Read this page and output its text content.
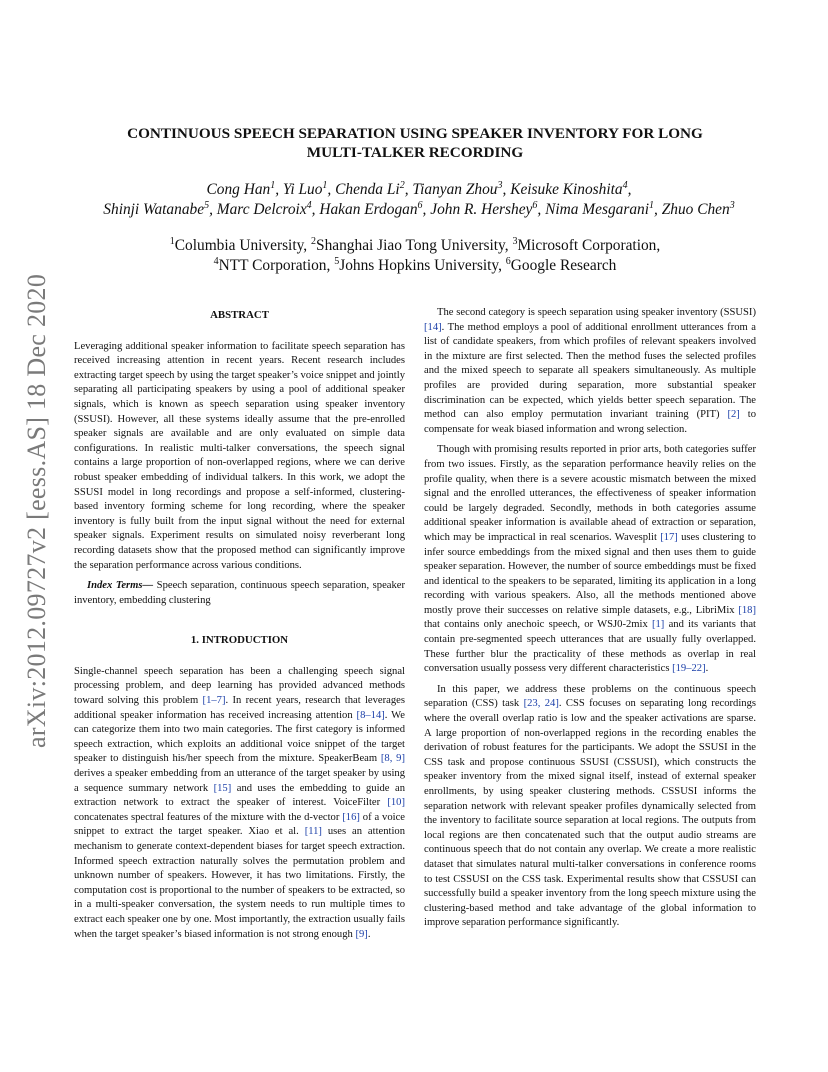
arXiv:2012.09727v2 [eess.AS] 18 Dec 2020
CONTINUOUS SPEECH SEPARATION USING SPEAKER INVENTORY FOR LONG
MULTI-TALKER RECORDING
Cong Han$^1$, Yi Luo$^1$, Chenda Li$^2$, Tianyan Zhou$^3$, Keisuke Kinoshita$^4$,
Shinji Watanabe$^5$, Marc Delcroix$^4$, Hakan Erdogan$^6$, John R. Hershey$^6$, Nima Mesgarani$^1$, Zhuo Chen$^3$
$^1$Columbia University, $^2$Shanghai Jiao Tong University, $^3$Microsoft Corporation,
$^4$NTT Corporation, $^5$Johns Hopkins University, $^6$Google Research
ABSTRACT

Leveraging additional speaker information to facilitate speech separation has received increasing attention in recent years. Recent research includes extracting target speech by using the target speaker’s voice snippet and jointly separating all participating speakers by using a pool of additional speaker signals, which is known as speech separation using speaker inventory (SSUSI). However, all these systems ideally assume that the pre-enrolled speaker signals are available and are only evaluated on simple data configurations. In realistic multi-talker conversations, the speech signal contains a large proportion of non-overlapped regions, where we can derive robust speaker embedding of individual talkers. In this work, we adopt the SSUSI model in long recordings and propose a self-informed, clustering-based inventory forming scheme for long recording, where the speaker inventory is fully built from the input signal without the need for external speaker signals. Experiment results on simulated noisy reverberant long recording datasets show that the proposed method can significantly improve the separation performance across various conditions.

Index Terms— Speech separation, continuous speech separation, speaker inventory, embedding clustering

1. INTRODUCTION

Single-channel speech separation has been a challenging speech signal processing problem, and deep learning has provided advanced methods toward solving this problem [1–7]. In recent years, research that leverages additional speaker information has received increasing attention [8–14]. We can categorize them into two main categories. The first category is informed speech extraction, which exploits an additional voice snippet of the target speaker to distinguish his/her speech from the mixture. SpeakerBeam [8, 9] derives a speaker embedding from an utterance of the target speaker by using a sequence summary network [15] and uses the embedding to guide an extraction network to extract the speaker of interest. VoiceFilter [10] concatenates spectral features of the mixture with the d-vector [16] of a voice snippet to extract the target speaker. Xiao et al. [11] uses an attention mechanism to generate context-dependent biases for target speech extraction. Informed speech extraction naturally solves the permutation problem and unknown number of speakers. However, it has two limitations. Firstly, the computation cost is proportional to the number of speakers to be extracted, so in a multi-speaker conversation, the system needs to run multiple times to extract each speaker one by one. Most importantly, the extraction usually fails when the target speaker’s biased information is not strong enough [9].

The second category is speech separation using speaker inventory (SSUSI) [14]. The method employs a pool of additional enrollment utterances from a list of candidate speakers, from which profiles of relevant speakers involved in the mixture are first selected. Then the method fuses the selected profiles and the mixed speech to separate all speakers simultaneously. As multiple profiles are provided during separation, more substantial speaker discrimination can be expected, which yields better speech separation. The method can also employ permutation invariant training (PIT) [2] to compensate for weak biased information and wrong selection.

Though with promising results reported in prior arts, both categories suffer from two issues. Firstly, as the separation performance heavily relies on the profile quality, when there is a severe acoustic mismatch between the mixed signal and the enrolled utterances, the effectiveness of speaker information could be largely degraded. Secondly, methods in both categories assume additional speaker information is available ahead of extraction or separation, which may be impractical in real scenarios. Wavesplit [17] uses clustering to infer source embeddings from the mixed signal and then uses them to guide speaker separation. However, the number of source embeddings must be fixed and identical to the speakers to be separated, limiting its application in a long recording with various speakers. Also, all the methods mentioned above mostly prove their successes on relative simple datasets, e.g., LibriMix [18] that contains only anechoic speech, or WSJ0-2mix [1] and its variants that contain pre-segmented speech utterances that are usually fully overlapped. These further blur the practicality of these methods as overlap in real conversation usually possess very different characteristics [19–22].

In this paper, we address these problems on the continuous speech separation (CSS) task [23, 24]. CSS focuses on separating long recordings where the overall overlap ratio is low and the speaker activations are sparse. A large proportion of non-overlapped regions in the recording enables the derivation of robust features for the participants. We adopt the SSUSI in the CSS task and propose continuous SSUSI (CSSUSI), which constructs the speaker inventory from the mixed signal itself, instead of external speaker enrollments, by using speaker clustering methods. CSSUSI informs the separation network with relevant speaker profiles dynamically selected from the inventory to facilitate source separation at local regions. The outputs from local regions are then concatenated such that the output audio streams are continuous speech that do not contain any overlap. We create a more realistic dataset that simulates natural multi-talker conversations in conference rooms to test CSSUSI on the CSS task. Experimental results show that CSSUSI can successfully build a speaker inventory from the long speech mixture using the clustering-based method and take advantage of the global information to improve separation performance significantly.
